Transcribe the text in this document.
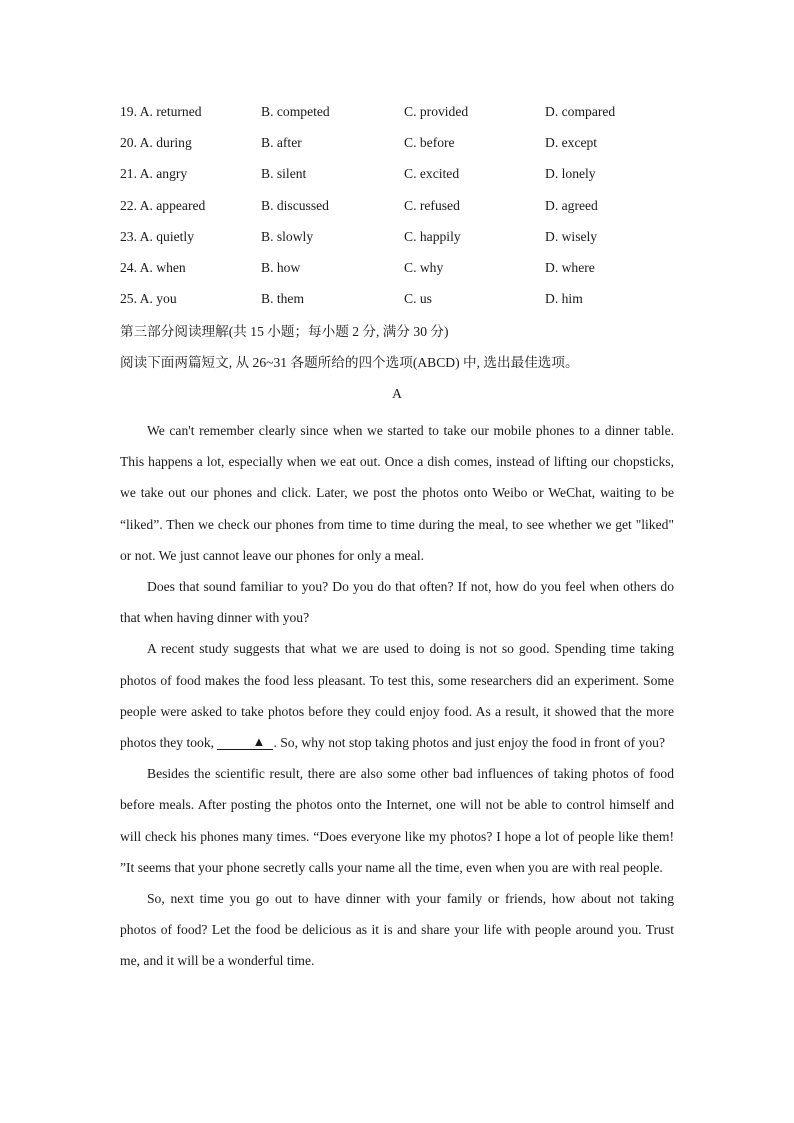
19. A. returned	B. competed	C. provided	D. compared
20. A. during	B. after	C. before	D. except
21. A. angry	B. silent	C. excited	D. lonely
22. A. appeared	B. discussed	C. refused	D. agreed
23. A. quietly	B. slowly	C. happily	D. wisely
24. A. when	B. how	C. why	D. where
25. A. you	B. them	C. us	D. him
第三部分阅读理解(共 15 小题；每小题 2 分, 满分 30 分)
阅读下面两篇短文, 从 26~31 各题所给的四个选项(ABCD) 中, 选出最佳选项。
A

We can't remember clearly since when we started to take our mobile phones to a dinner table. This happens a lot, especially when we eat out. Once a dish comes, instead of lifting our chopsticks, we take out our phones and click. Later, we post the photos onto Weibo or WeChat, waiting to be “liked”. Then we check our phones from time to time during the meal, to see whether we get "liked" or not. We just cannot leave our phones for only a meal.

Does that sound familiar to you? Do you do that often? If not, how do you feel when others do that when having dinner with you?

A recent study suggests that what we are used to doing is not so good. Spending time taking photos of food makes the food less pleasant. To test this, some researchers did an experiment. Some people were asked to take photos before they could enjoy food. As a result, it showed that the more photos they took,	▲ . So, why not stop taking photos and just enjoy the food in front of you?

Besides the scientific result, there are also some other bad influences of taking photos of food before meals. After posting the photos onto the Internet, one will not be able to control himself and will check his phones many times. “Does everyone like my photos? I hope a lot of people like them! ”It seems that your phone secretly calls your name all the time, even when you are with real people.

So, next time you go out to have dinner with your family or friends, how about not taking photos of food? Let the food be delicious as it is and share your life with people around you. Trust me, and it will be a wonderful time.
